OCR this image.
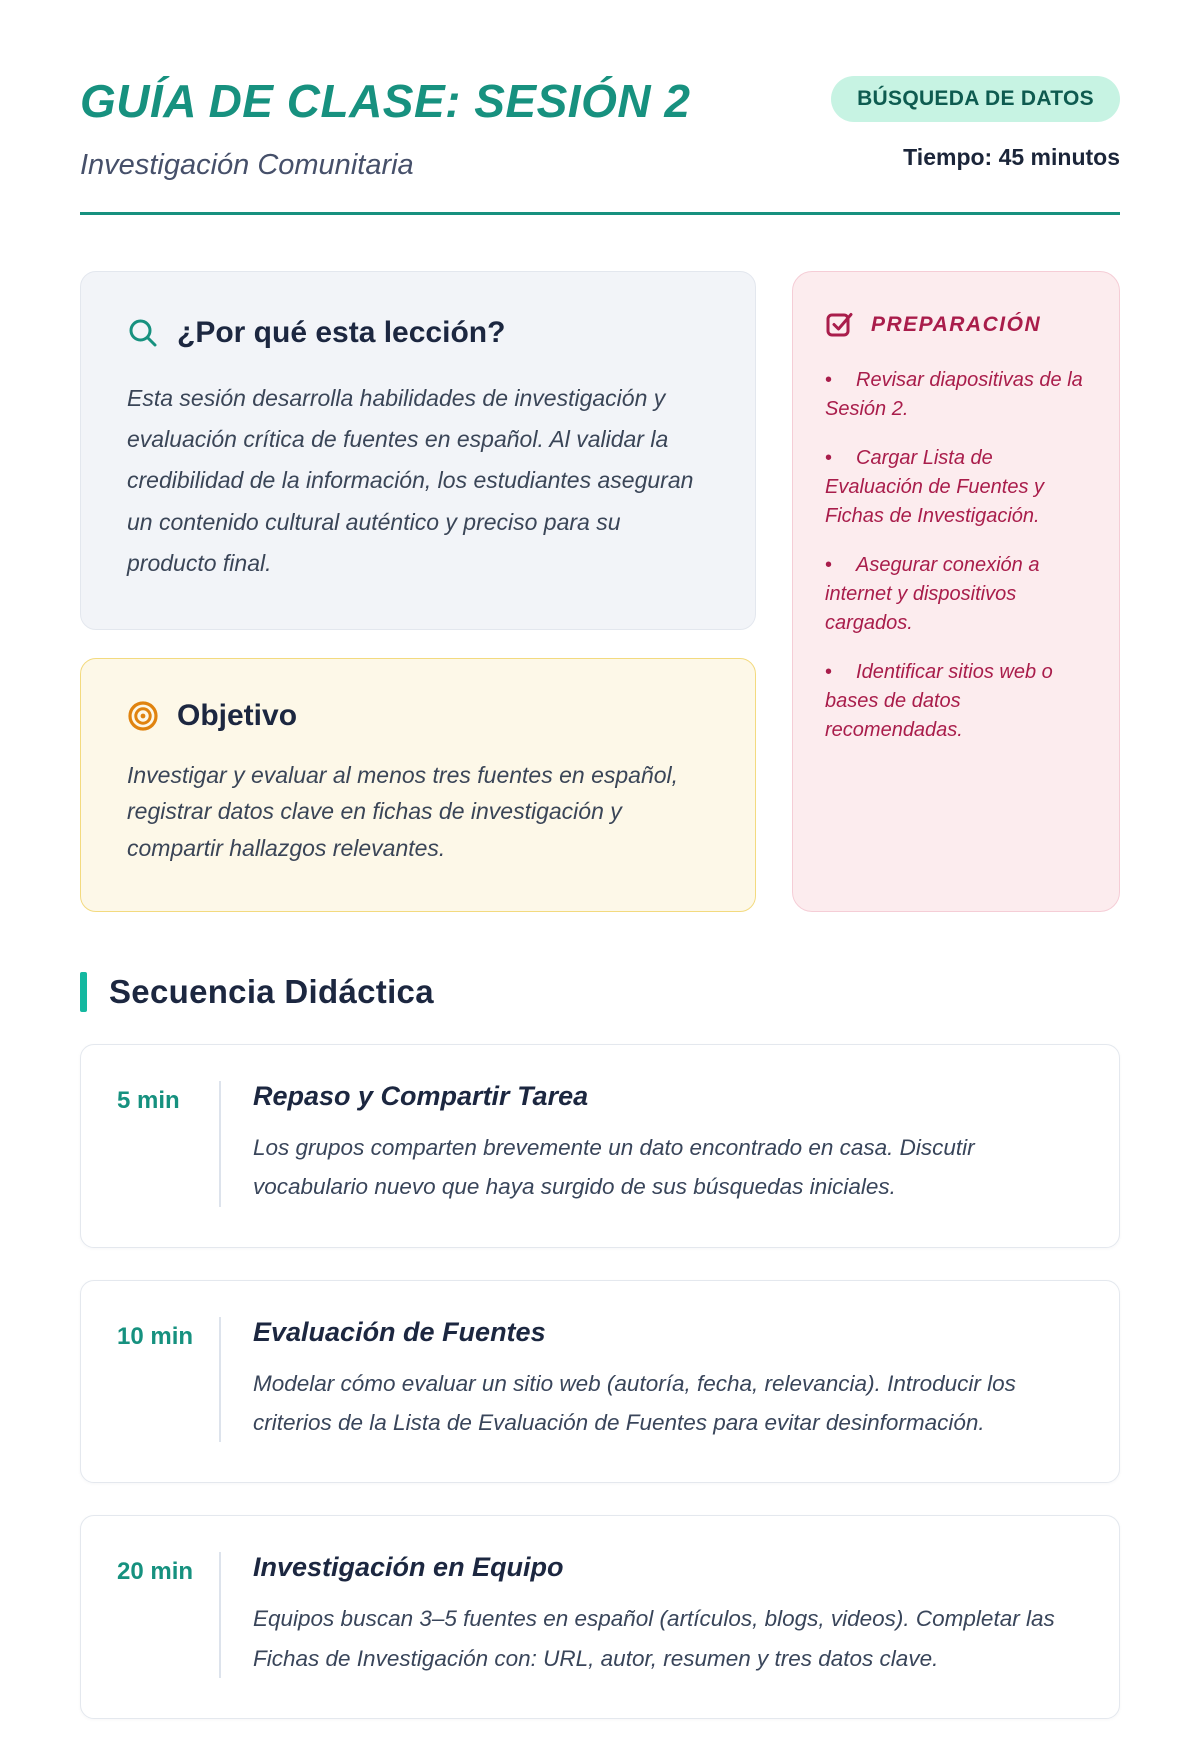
GUÍA DE CLASE: SESIÓN 2
Investigación Comunitaria
BÚSQUEDA DE DATOS
Tiempo: 45 minutos
¿Por qué esta lección?
Esta sesión desarrolla habilidades de investigación y evaluación crítica de fuentes en español. Al validar la credibilidad de la información, los estudiantes aseguran un contenido cultural auténtico y preciso para su producto final.
Objetivo
Investigar y evaluar al menos tres fuentes en español, registrar datos clave en fichas de investigación y compartir hallazgos relevantes.
PREPARACIÓN
• Revisar diapositivas de la Sesión 2.
• Cargar Lista de Evaluación de Fuentes y Fichas de Investigación.
• Asegurar conexión a internet y dispositivos cargados.
• Identificar sitios web o bases de datos recomendadas.
Secuencia Didáctica
5 min	Repaso y Compartir Tarea
Los grupos comparten brevemente un dato encontrado en casa. Discutir vocabulario nuevo que haya surgido de sus búsquedas iniciales.
10 min Evaluación de Fuentes
Modelar cómo evaluar un sitio web (autoría, fecha, relevancia). Introducir los criterios de la Lista de Evaluación de Fuentes para evitar desinformación.
20 min Investigación en Equipo
Equipos buscan 3–5 fuentes en español (artículos, blogs, videos). Completar las Fichas de Investigación con: URL, autor, resumen y tres datos clave.
